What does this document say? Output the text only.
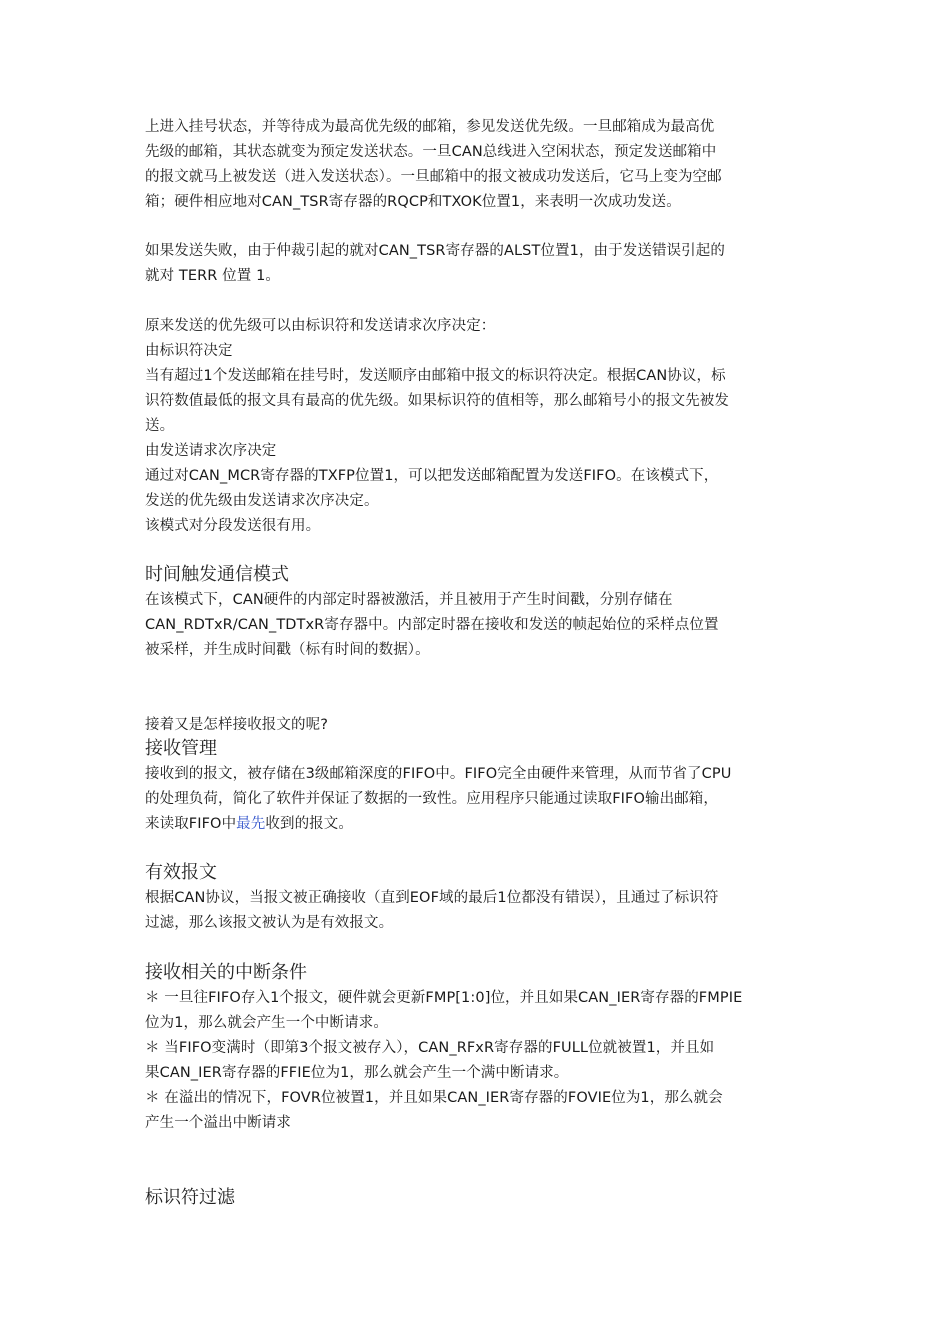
上进入挂号状态，并等待成为最高优先级的邮箱，参见发送优先级。一旦邮箱成为最高优
先级的邮箱，其状态就变为预定发送状态。一旦CAN总线进入空闲状态，预定发送邮箱中
的报文就马上被发送（进入发送状态）。一旦邮箱中的报文被成功发送后，它马上变为空邮
箱；硬件相应地对CAN_TSR寄存器的RQCP和TXOK位置1，来表明一次成功发送。
如果发送失败，由于仲裁引起的就对CAN_TSR寄存器的ALST位置1，由于发送错误引起的
就对 TERR 位置 1。
原来发送的优先级可以由标识符和发送请求次序决定：
由标识符决定
当有超过1个发送邮箱在挂号时，发送顺序由邮箱中报文的标识符决定。根据CAN协议，标
识符数值最低的报文具有最高的优先级。如果标识符的值相等，那么邮箱号小的报文先被发
送。
由发送请求次序决定
通过对CAN_MCR寄存器的TXFP位置1，可以把发送邮箱配置为发送FIFO。在该模式下，
发送的优先级由发送请求次序决定。
该模式对分段发送很有用。
时间触发通信模式
在该模式下，CAN硬件的内部定时器被激活，并且被用于产生时间戳，分别存储在
CAN_RDTxR/CAN_TDTxR寄存器中。内部定时器在接收和发送的帧起始位的采样点位置
被采样，并生成时间戳（标有时间的数据）。
接着又是怎样接收报文的呢?
接收管理
接收到的报文，被存储在3级邮箱深度的FIFO中。FIFO完全由硬件来管理，从而节省了CPU
的处理负荷，简化了软件并保证了数据的一致性。应用程序只能通过读取FIFO输出邮箱，
来读取FIFO中最先收到的报文。
有效报文
根据CAN协议，当报文被正确接收（直到EOF域的最后1位都没有错误），且通过了标识符
过滤，那么该报文被认为是有效报文。
接收相关的中断条件
＊ 一旦往FIFO存入1个报文，硬件就会更新FMP[1:0]位，并且如果CAN_IER寄存器的FMPIE
位为1，那么就会产生一个中断请求。
＊ 当FIFO变满时（即第3个报文被存入），CAN_RFxR寄存器的FULL位就被置1，并且如
果CAN_IER寄存器的FFIE位为1，那么就会产生一个满中断请求。
＊ 在溢出的情况下，FOVR位被置1，并且如果CAN_IER寄存器的FOVIE位为1，那么就会
产生一个溢出中断请求
标识符过滤
